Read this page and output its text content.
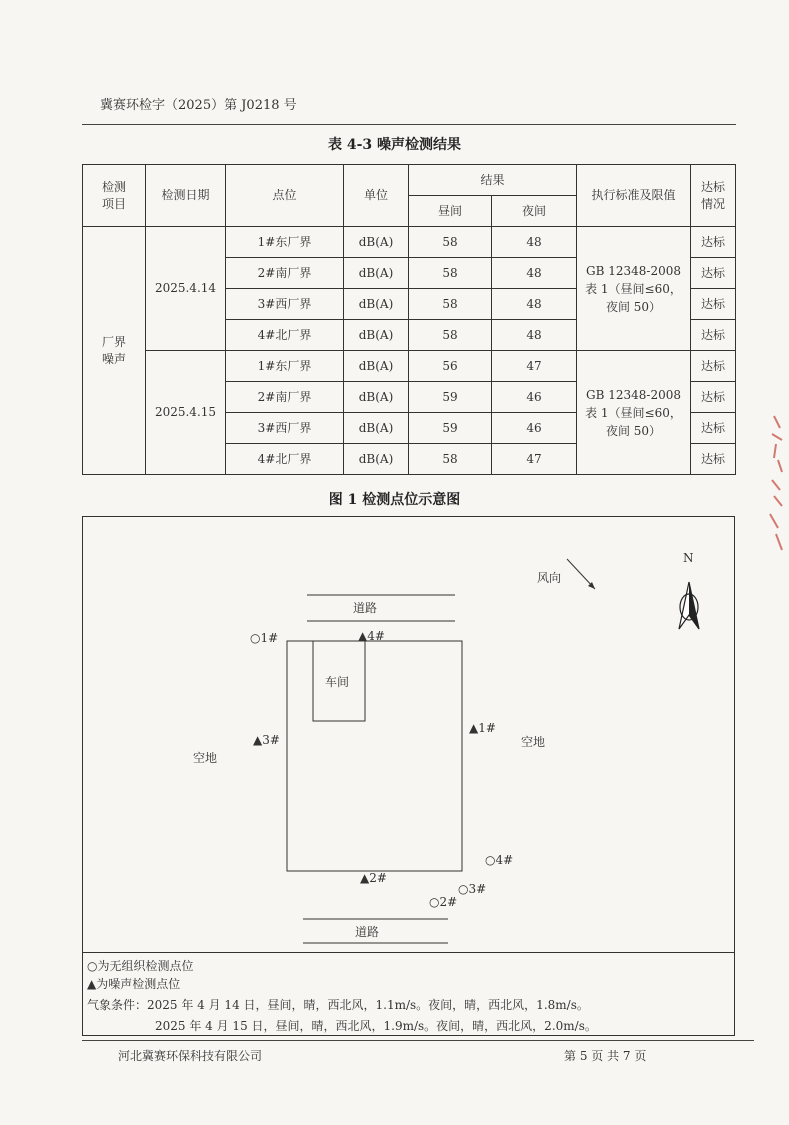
冀赛环检字（2025）第 J0218 号
表 4-3 噪声检测结果
检测
项目	检测日期	点位	单位	结果		执行标准及限值	达标
情况
				昼间	夜间		
厂界
噪声	2025.4.14	1#东厂界	dB(A)	58	48	GB 12348-2008
表 1（昼间≤60，
夜间 50）	达标
		2#南厂界	dB(A)	58	48		达标
		3#西厂界	dB(A)	58	48		达标
		4#北厂界	dB(A)	58	48		达标
	2025.4.15	1#东厂界	dB(A)	56	47	GB 12348-2008
表 1（昼间≤60，
夜间 50）	达标
		2#南厂界	dB(A)	59	46		达标
		3#西厂界	dB(A)	59	46		达标
		4#北厂界	dB(A)	58	47		达标
图 1 检测点位示意图
N
风向
道路
道路
车间
空地
空地
▲4#
▲1#
▲3#
▲2#
○1#
○4#
○3#
○2#
○为无组织检测点位
▲为噪声检测点位
气象条件：2025 年 4 月 14 日，昼间，晴，西北风，1.1m/s。夜间，晴，西北风，1.8m/s。
2025 年 4 月 15 日，昼间，晴，西北风，1.9m/s。夜间，晴，西北风，2.0m/s。
河北冀赛环保科技有限公司	第 5 页 共 7 页
